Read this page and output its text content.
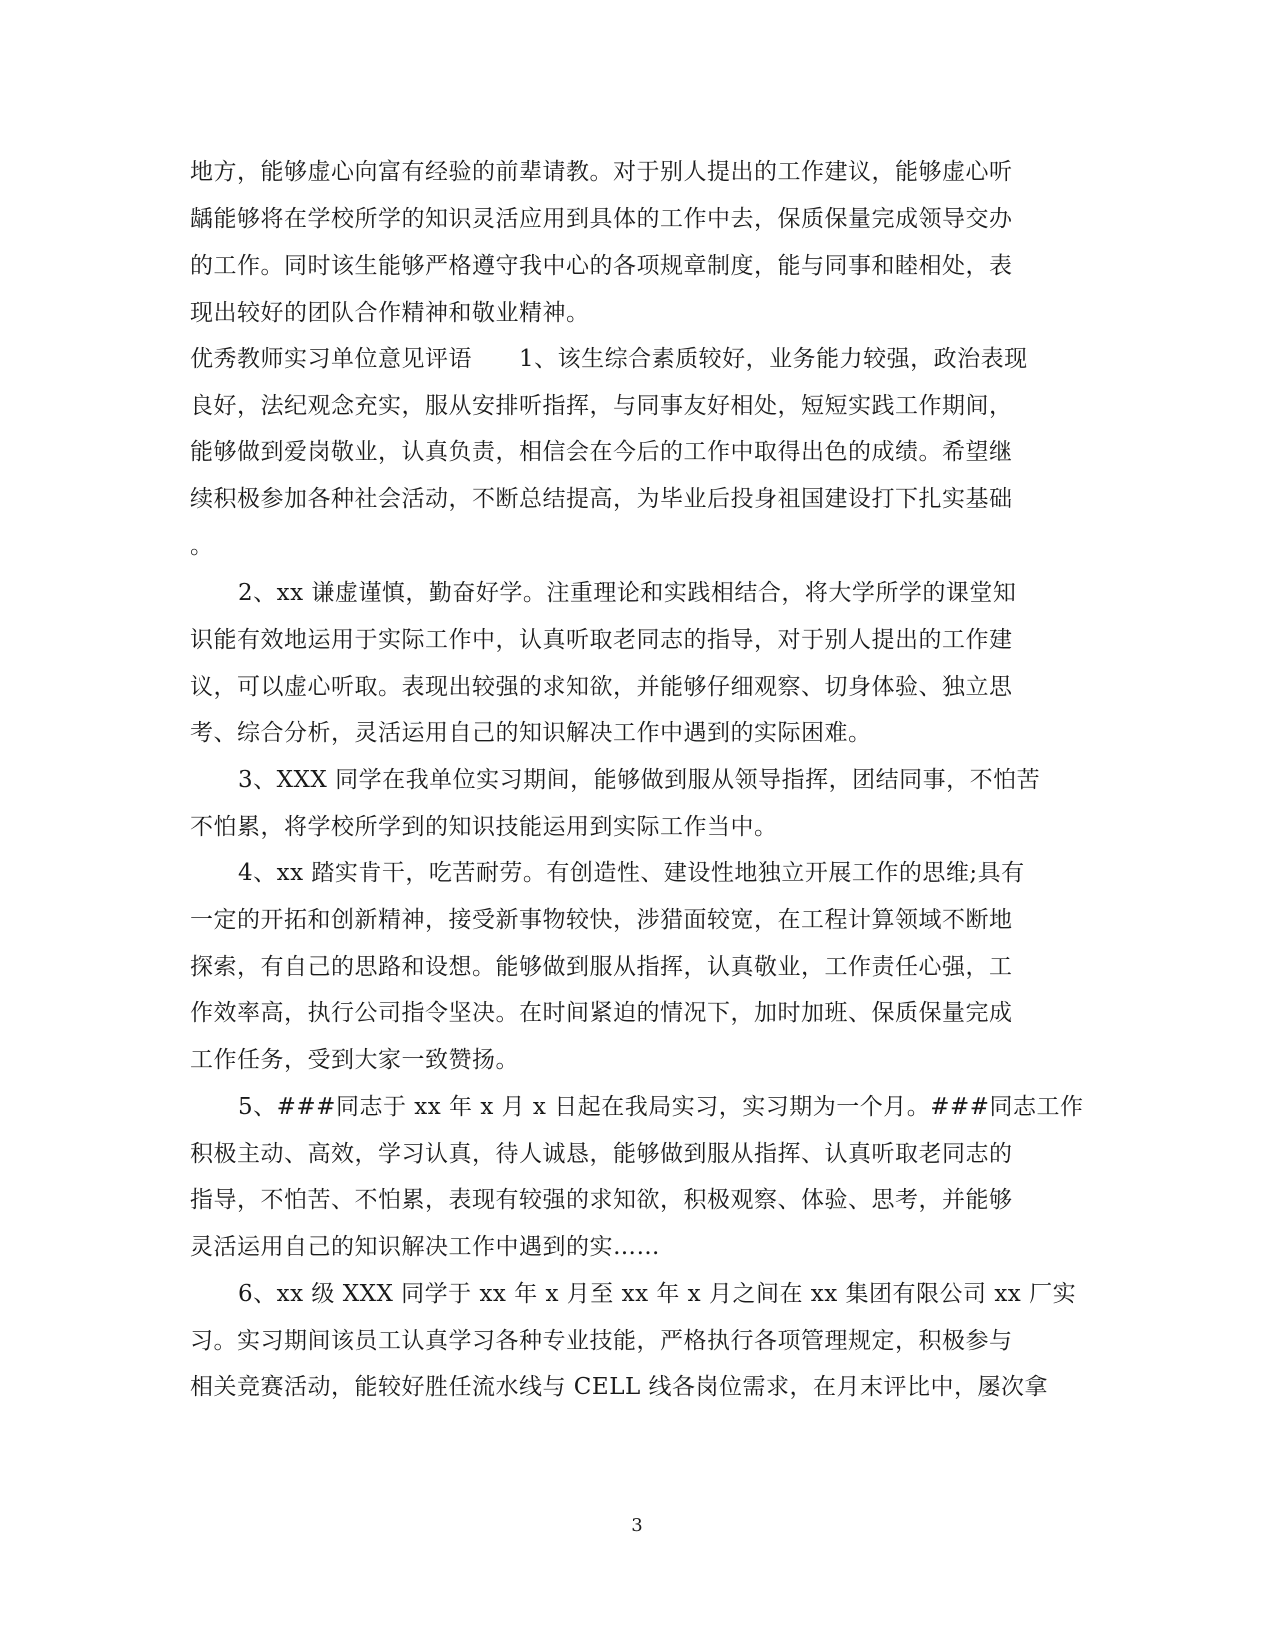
地方，能够虚心向富有经验的前辈请教。对于别人提出的工作建议，能够虚心听
龋能够将在学校所学的知识灵活应用到具体的工作中去，保质保量完成领导交办
的工作。同时该生能够严格遵守我中心的各项规章制度，能与同事和睦相处，表
现出较好的团队合作精神和敬业精神。
优秀教师实习单位意见评语　　1、该生综合素质较好，业务能力较强，政治表现
良好，法纪观念充实，服从安排听指挥，与同事友好相处，短短实践工作期间，
能够做到爱岗敬业，认真负责，相信会在今后的工作中取得出色的成绩。希望继
续积极参加各种社会活动，不断总结提高，为毕业后投身祖国建设打下扎实基础
。
2、xx 谦虚谨慎，勤奋好学。注重理论和实践相结合，将大学所学的课堂知
识能有效地运用于实际工作中，认真听取老同志的指导，对于别人提出的工作建
议，可以虚心听取。表现出较强的求知欲，并能够仔细观察、切身体验、独立思
考、综合分析，灵活运用自己的知识解决工作中遇到的实际困难。
3、XXX 同学在我单位实习期间，能够做到服从领导指挥，团结同事，不怕苦
不怕累，将学校所学到的知识技能运用到实际工作当中。
4、xx 踏实肯干，吃苦耐劳。有创造性、建设性地独立开展工作的思维;具有
一定的开拓和创新精神，接受新事物较快，涉猎面较宽，在工程计算领域不断地
探索，有自己的思路和设想。能够做到服从指挥，认真敬业，工作责任心强，工
作效率高，执行公司指令坚决。在时间紧迫的情况下，加时加班、保质保量完成
工作任务，受到大家一致赞扬。
5、###同志于 xx 年 x 月 x 日起在我局实习，实习期为一个月。###同志工作
积极主动、高效，学习认真，待人诚恳，能够做到服从指挥、认真听取老同志的
指导，不怕苦、不怕累，表现有较强的求知欲，积极观察、体验、思考，并能够
灵活运用自己的知识解决工作中遇到的实……
6、xx 级 XXX 同学于 xx 年 x 月至 xx 年 x 月之间在 xx 集团有限公司 xx 厂实
习。实习期间该员工认真学习各种专业技能，严格执行各项管理规定，积极参与
相关竞赛活动，能较好胜任流水线与 CELL 线各岗位需求，在月末评比中，屡次拿
3
